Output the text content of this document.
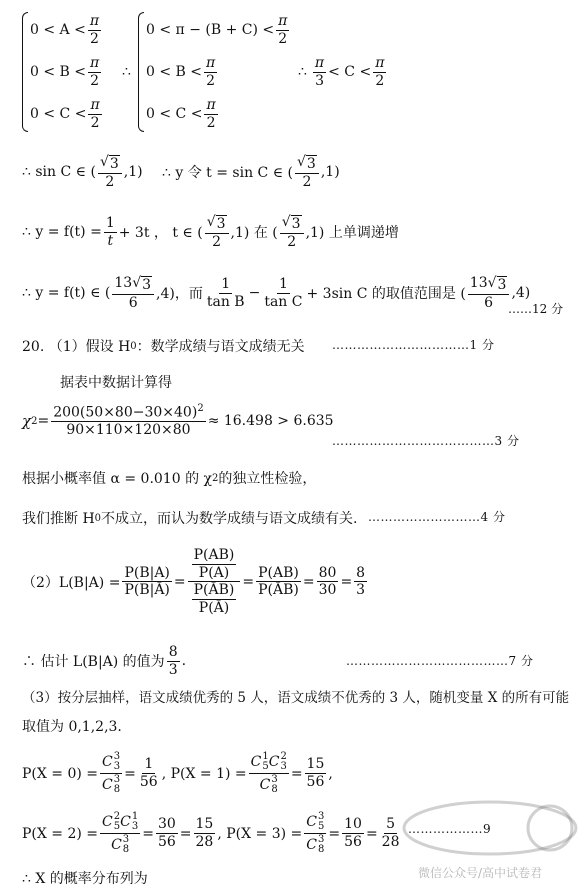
$0 < A < \frac{\pi}{2}$
$0 < B < \frac{\pi}{2}$
$0 < C < \frac{\pi}{2}$
∴
$0 < \pi - (B + C) < \frac{\pi}{2}$
$0 < B < \frac{\pi}{2}$
$0 < C < \frac{\pi}{2}$
∴ $\frac{\pi}{3} < C < \frac{\pi}{2}$
∴ sin C ∈ ( $\frac{√ 3}{2} ,1$) ∴ y 令 t = sin C ∈ ( $\frac{√ 3}{2} ,1$)
∴ $y = f(t) = \frac{1}{t} + 3t$ ， t ∈ ( $\frac{√ 3}{2} ,1$) 在 ( $\frac{√ 3}{2} ,1$) 上单调递增
∴ y = f(t) ∈ ( $\frac{13 √ 3}{6} ,4$)，而 $\frac{1}{\text{tan B}} - \frac{1}{\text{tan C}} + 3\sin$ C 的取值范围是 ( $\frac{13 √ 3}{6} ,4$)
……12 分
20. （1）假设 H 0 ：数学成绩与语文成绩无关 ……………………………1 分
据表中数据计算得
χ $2 = \frac{200(50\times 80-30\times 40)^2}{90\times 110\times 120\times 80} \approx 16.498 > 6.635$
…………………………………3 分
根据小概率值 α = 0.010 的 χ 2 的独立性检验，
我们推断 H 0 不成立，而认为数学成绩与语文成绩有关. ………………………4 分
$(2)L(B|A) = \frac{P(B|A)}{P(B|Ā)} = \frac{\frac{P(AB)}{P(A)}}{\frac{P(ĀB)}{P(Ā)}} = \frac{P(AB)}{P(ĀB)} = \frac{80}{30} = \frac{8}{3}$
∴ 估计 L(B|A) 的值为 $\frac{8}{3}$ .	…………………………………7 分
（3）按分层抽样，语文成绩优秀的 5 人，语文成绩不优秀的 3 人，随机变量 X 的所有可能
取值为 0,1,2,3.
P(X = 0) = C 3
3
C 3
$8 = \frac{1}{56}$ , P(X = 1) = C 1
5 C 2
3
C 3
$8 = \frac{15}{56}$ ,
P(X = 2) = C 2
5 C 1
3
C 3
$8 = \frac{30}{56} = \frac{15}{28}$ , P(X = 3) = C 3
5
C 3
$8 = \frac{10}{56} = \frac{5}{28}$ ………………9
∴ X 的概率分布列为	微信公众号/高中试卷君
